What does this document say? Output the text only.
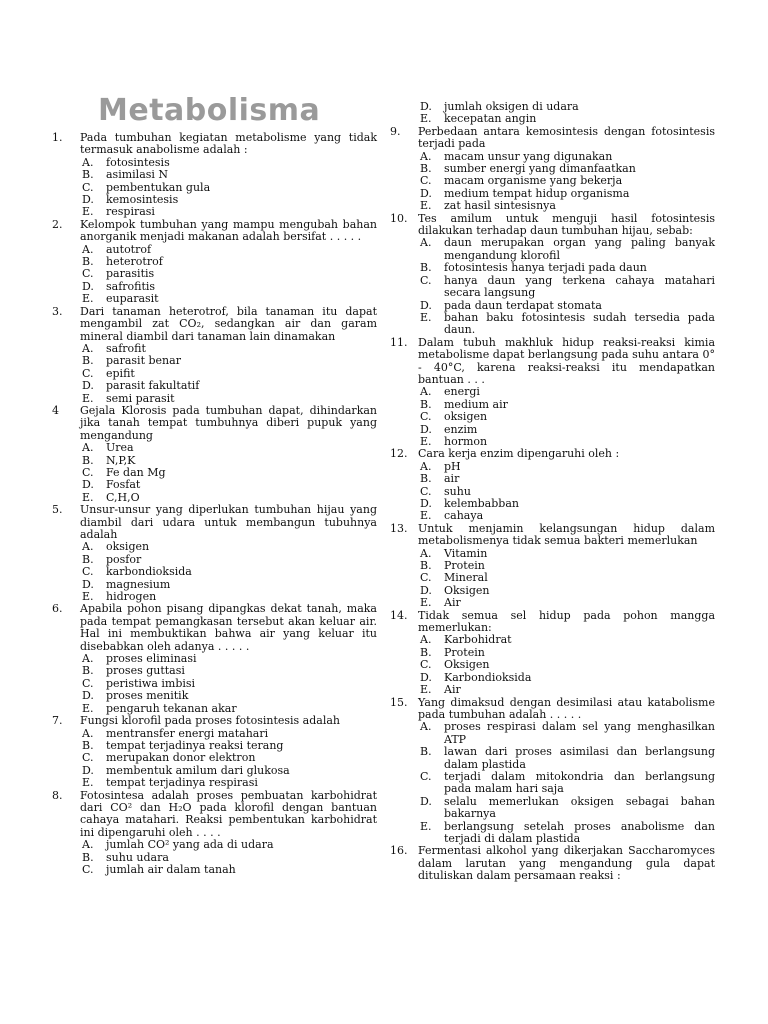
Metabolisma
1. Pada tumbuhan kegiatan metabolisme yang tidak termasuk anabolisme adalah :
A. fotosintesis
B. asimilasi N
C. pembentukan gula
D. kemosintesis
E. respirasi
2. Kelompok tumbuhan yang mampu mengubah bahan anorganik menjadi makanan adalah bersifat . . . . .
A. autotrof
B. heterotrof
C. parasitis
D. safrofitis
E. euparasit
3. Dari tanaman heterotrof, bila tanaman itu dapat mengambil zat CO₂, sedangkan air dan garam mineral diambil dari tanaman lain dinamakan
A. safrofit
B. parasit benar
C. epifit
D. parasit fakultatif
E. semi parasit
4 Gejala Klorosis pada tumbuhan dapat, dihindarkan jika tanah tempat tumbuhnya diberi pupuk yang mengandung
A. Urea
B. N,P,K
C. Fe dan Mg
D. Fosfat
E. C,H,O
5. Unsur-unsur yang diperlukan tumbuhan hijau yang diambil dari udara untuk membangun tubuhnya adalah
A. oksigen
B. posfor
C. karbondioksida
D. magnesium
E. hidrogen
6. Apabila pohon pisang dipangkas dekat tanah, maka pada tempat pemangkasan tersebut akan keluar air. Hal ini membuktikan bahwa air yang keluar itu disebabkan oleh adanya . . . . .
A. proses eliminasi
B. proses guttasi
C. peristiwa imbisi
D. proses menitik
E. pengaruh tekanan akar
7. Fungsi klorofil pada proses fotosintesis adalah
A. mentransfer energi matahari
B. tempat terjadinya reaksi terang
C. merupakan donor elektron
D. membentuk amilum dari glukosa
E. tempat terjadinya respirasi
8. Fotosintesa adalah proses pembuatan karbohidrat dari CO² dan H₂O pada klorofil dengan bantuan cahaya matahari. Reaksi pembentukan karbohidrat ini dipengaruhi oleh . . . .
A. jumlah CO² yang ada di udara
B. suhu udara
C. jumlah air dalam tanah
D. jumlah oksigen di udara
E. kecepatan angin
9. Perbedaan antara kemosintesis dengan fotosintesis terjadi pada
A. macam unsur yang digunakan
B. sumber energi yang dimanfaatkan
C. macam organisme yang bekerja
D. medium tempat hidup organisma
E. zat hasil sintesisnya
10. Tes amilum untuk menguji hasil fotosintesis dilakukan terhadap daun tumbuhan hijau, sebab:
A. daun merupakan organ yang paling banyak mengandung klorofil
B. fotosintesis hanya terjadi pada daun
C. hanya daun yang terkena cahaya matahari secara langsung
D. pada daun terdapat stomata
E. bahan baku fotosintesis sudah tersedia pada daun.
11. Dalam tubuh makhluk hidup reaksi-reaksi kimia metabolisme dapat berlangsung pada suhu antara 0° - 40°C, karena reaksi-reaksi itu mendapatkan bantuan . . .
A. energi
B. medium air
C. oksigen
D. enzim
E. hormon
12. Cara kerja enzim dipengaruhi oleh :
A. pH
B. air
C. suhu
D. kelembabban
E. cahaya
13. Untuk menjamin kelangsungan hidup dalam metabolismenya tidak semua bakteri memerlukan
A. Vitamin
B. Protein
C. Mineral
D. Oksigen
E. Air
14. Tidak semua sel hidup pada pohon mangga memerlukan:
A. Karbohidrat
B. Protein
C. Oksigen
D. Karbondioksida
E. Air
15. Yang dimaksud dengan desimilasi atau katabolisme pada tumbuhan adalah . . . . .
A. proses respirasi dalam sel yang menghasilkan ATP
B. lawan dari proses asimilasi dan berlangsung dalam plastida
C. terjadi dalam mitokondria dan berlangsung pada malam hari saja
D. selalu memerlukan oksigen sebagai bahan bakarnya
E. berlangsung setelah proses anabolisme dan terjadi di dalam plastida
16. Fermentasi alkohol yang dikerjakan Saccharomyces dalam larutan yang mengandung gula dapat dituliskan dalam persamaan reaksi :
